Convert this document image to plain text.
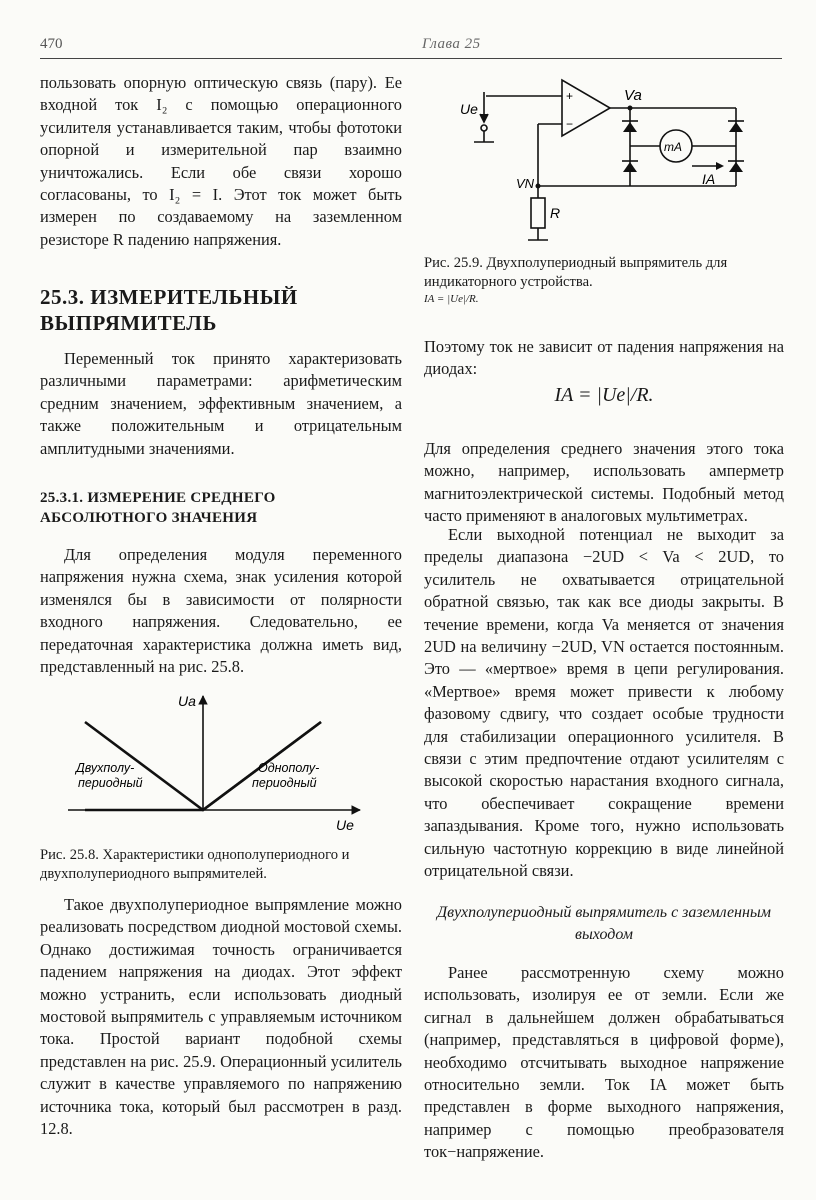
470	Глава 25

пользовать опорную оптическую связь (пару). Ее входной ток I₂ с помощью операционного усилителя устанавливается таким, чтобы фототоки опорной и измерительной пар взаимно уничтожались. Если обе связи хорошо согласованы, то I₂ = I. Этот ток может быть измерен по создаваемому на заземленном резисторе R падению напряжения.

25.3. ИЗМЕРИТЕЛЬНЫЙ ВЫПРЯМИТЕЛЬ

Переменный ток принято характеризовать различными параметрами: арифметическим средним значением, эффективным значением, а также положительным и отрицательным амплитудными значениями.

25.3.1. ИЗМЕРЕНИЕ СРЕДНЕГО АБСОЛЮТНОГО ЗНАЧЕНИЯ

Для определения модуля переменного напряжения нужна схема, знак усиления которой изменялся бы в зависимости от полярности входного напряжения. Следовательно, ее передаточная характеристика должна иметь вид, представленный на рис. 25.8.

Ua
Ue
Двухполу-
периодный
Однополу-
периодный

Рис. 25.8. Характеристики однополупериодного и двухполупериодного выпрямителей.

Такое двухполупериодное выпрямление можно реализовать посредством диодной мостовой схемы. Однако достижимая точность ограничивается падением напряжения на диодах. Этот эффект можно устранить, если использовать диодный мостовой выпрямитель с управляемым источником тока. Простой вариант подобной схемы представлен на рис. 25.9. Операционный усилитель служит в качестве управляемого по напряжению источника тока, который был рассмотрен в разд. 12.8.

Ue
+
−
Va
mA
IA
VN
R

Рис. 25.9. Двухполупериодный выпрямитель для индикаторного устройства.

IA = |Ue|/R.

Поэтому ток не зависит от падения напряжения на диодах:

IA = |Ue|/R.

Для определения среднего значения этого тока можно, например, использовать амперметр магнитоэлектрической системы. Подобный метод часто применяют в аналоговых мультиметрах.

Если выходной потенциал не выходит за пределы диапазона −2UD < Va < 2UD, то усилитель не охватывается отрицательной обратной связью, так как все диоды закрыты. В течение времени, когда Va меняется от значения 2UD на величину −2UD, VN остается постоянным. Это — «мертвое» время в цепи регулирования. «Мертвое» время может привести к любому фазовому сдвигу, что создает особые трудности для стабилизации операционного усилителя. В связи с этим предпочтение отдают усилителям с высокой скоростью нарастания входного сигнала, что обеспечивает сокращение времени запаздывания. Кроме того, нужно использовать сильную частотную коррекцию в виде линейной отрицательной связи.

Двухполупериодный выпрямитель с заземленным выходом

Ранее рассмотренную схему можно использовать, изолируя ее от земли. Если же сигнал в дальнейшем должен обрабатываться (например, представляться в цифровой форме), необходимо отсчитывать выходное напряжение относительно земли. Ток IA может быть представлен в форме выходного напряжения, например с помощью преобразователя ток−напряжение.
